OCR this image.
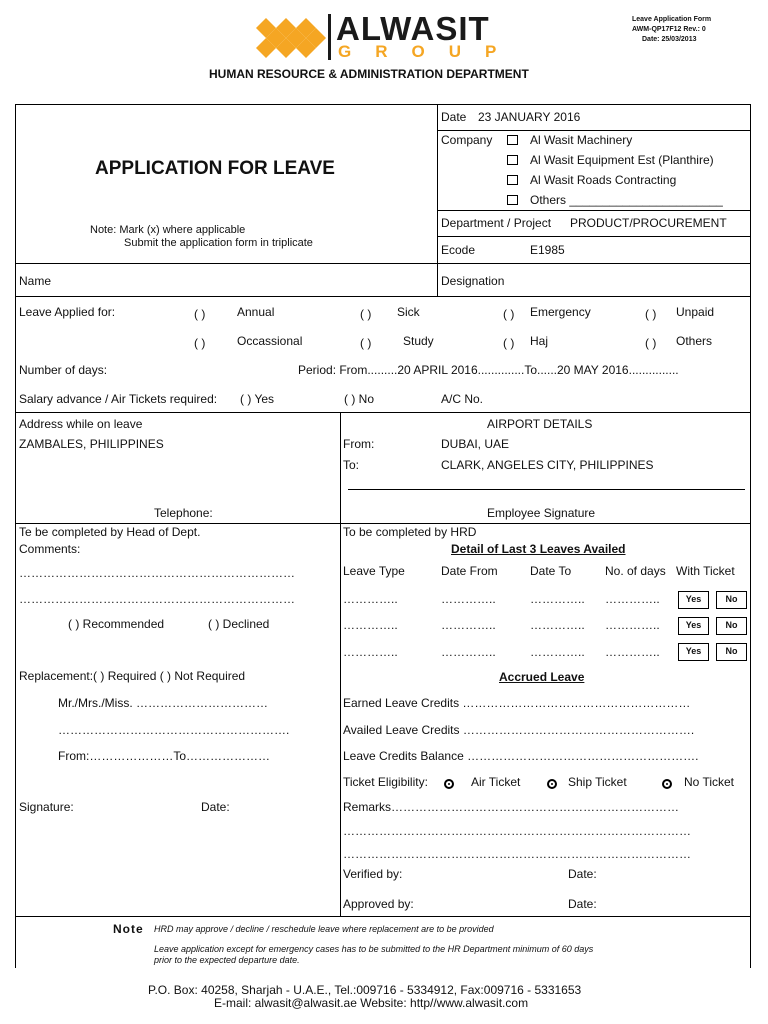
ALWASIT
GROUP
Leave Application Form
AWM-QP17F12 Rev.: 0
Date: 25/03/2013
HUMAN RESOURCE & ADMINISTRATION DEPARTMENT
APPLICATION FOR LEAVE
Note: Mark (x) where applicable
Submit the application form in triplicate
Date 23 JANUARY 2016
Company	Al Wasit Machinery
Al Wasit Equipment Est (Planthire)
Al Wasit Roads Contracting
Others _______________________
Department / Project PRODUCT/PROCUREMENT
Ecode	E1985
Name	Designation
Leave Applied for:	( )	Annual	( ) Sick	( ) Emergency	( ) Unpaid
( )	Occassional	( )	Study	( ) Haj	( ) Others
Number of days:	Period: From.........20 APRIL 2016..............To......20 MAY 2016...............
Salary advance / Air Tickets required: ( ) Yes	( ) No	A/C No.
Address while on leave
ZAMBALES, PHILIPPINES
Telephone:
AIRPORT DETAILS
From:	DUBAI, UAE
To:	CLARK, ANGELES CITY, PHILIPPINES
Employee Signature
Te be completed by Head of Dept.
Comments:
……………………………………………………………
……………………………………………………………
( ) Recommended	( ) Declined
Replacement:( ) Required ( ) Not Required
Mr./Mrs./Miss. ……………………………
………………………………………………….
From:…………………To…………………
Signature:	Date:
To be completed by HRD
Detail of Last 3 Leaves Availed
Leave Type	Date From	Date To	No. of days With Ticket
…………..	…………..	………….. …………..	Yes	No
…………..	…………..	………….. …………..	Yes	No
…………..	…………..	………….. …………..	Yes	No
Accrued Leave
Earned Leave Credits …………………………………………………
Availed Leave Credits ………………………………………………….
Leave Credits Balance ………………………………………………….
Ticket Eligibility:	Air Ticket	Ship Ticket	No Ticket
Remarks………………………………………………………………
……………………………………………………………………………
……………………………………………………………………………
Verified by:	Date:
Approved by:	Date:
Note HRD may approve / decline / reschedule leave where replacement are to be provided
Leave application except for emergency cases has to be submitted to the HR Department minimum of 60 days
prior to the expected departure date.
P.O. Box: 40258, Sharjah - U.A.E., Tel.:009716 - 5334912, Fax:009716 - 5331653
E-mail: alwasit@alwasit.ae Website: http//www.alwasit.com
